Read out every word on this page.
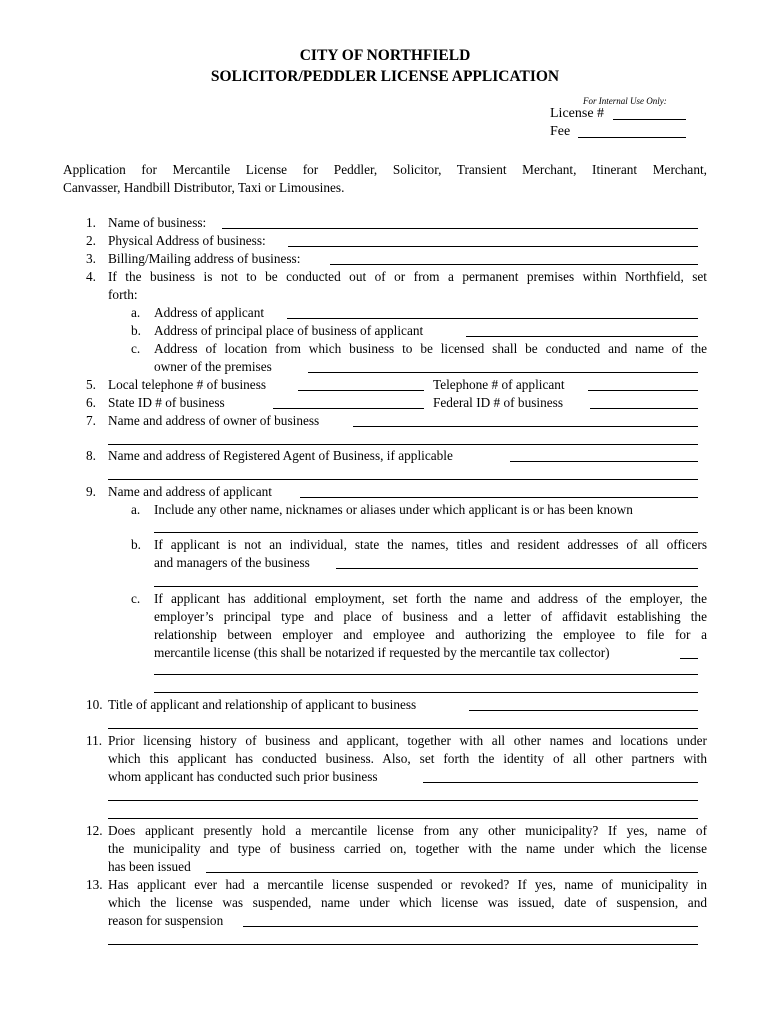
CITY OF NORTHFIELD
SOLICITOR/PEDDLER LICENSE APPLICATION
For Internal Use Only:
License #
Fee
Application for Mercantile License for Peddler, Solicitor, Transient Merchant, Itinerant Merchant,
Canvasser, Handbill Distributor, Taxi or Limousines.
1. Name of business:
2. Physical Address of business:
3. Billing/Mailing address of business:
4. If the business is not to be conducted out of or from a permanent premises within Northfield, set
forth:
a. Address of applicant
b. Address of principal place of business of applicant
c. Address of location from which business to be licensed shall be conducted and name of the
owner of the premises
5. Local telephone # of business	Telephone # of applicant
6. State ID # of business	Federal ID # of business
7. Name and address of owner of business
8. Name and address of Registered Agent of Business, if applicable
9. Name and address of applicant
a. Include any other name, nicknames or aliases under which applicant is or has been known
b. If applicant is not an individual, state the names, titles and resident addresses of all officers
and managers of the business
c. If applicant has additional employment, set forth the name and address of the employer, the
employer’s principal type and place of business and a letter of affidavit establishing the
relationship between employer and employee and authorizing the employee to file for a
mercantile license (this shall be notarized if requested by the mercantile tax collector)
10. Title of applicant and relationship of applicant to business
11. Prior licensing history of business and applicant, together with all other names and locations under
which this applicant has conducted business. Also, set forth the identity of all other partners with
whom applicant has conducted such prior business
12. Does applicant presently hold a mercantile license from any other municipality? If yes, name of
the municipality and type of business carried on, together with the name under which the license
has been issued
13. Has applicant ever had a mercantile license suspended or revoked? If yes, name of municipality in
which the license was suspended, name under which license was issued, date of suspension, and
reason for suspension
